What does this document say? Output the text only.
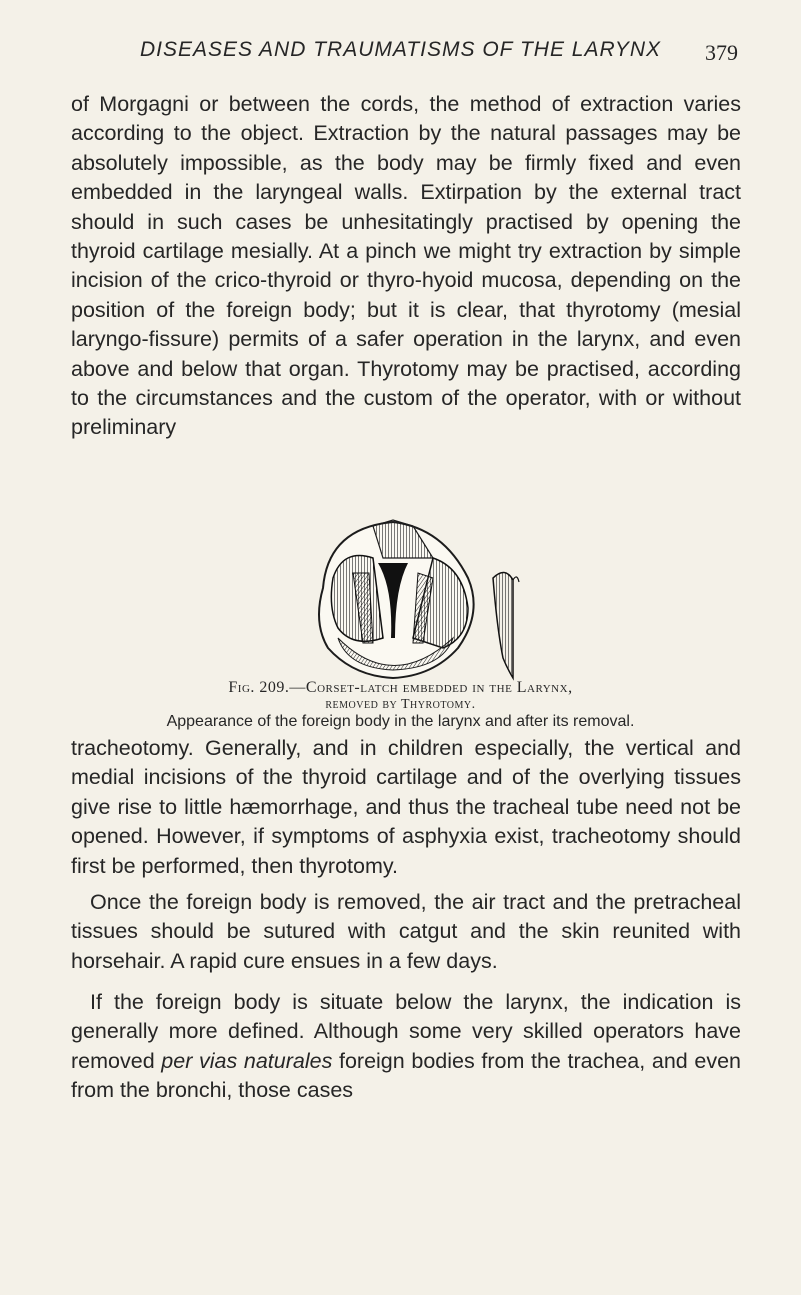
DISEASES AND TRAUMATISMS OF THE LARYNX 379

of Morgagni or between the cords, the method of extraction varies according to the object. Extraction by the natural passages may be absolutely impossible, as the body may be firmly fixed and even embedded in the laryngeal walls. Extirpation by the external tract should in such cases be unhesitatingly practised by opening the thyroid cartilage mesially. At a pinch we might try extraction by simple incision of the crico-thyroid or thyro-hyoid mucosa, depending on the position of the foreign body; but it is clear, that thyrotomy (mesial laryngo-fissure) permits of a safer operation in the larynx, and even above and below that organ. Thyrotomy may be practised, according to the circumstances and the custom of the operator, with or without preliminary

Fig. 209.—Corset-latch embedded in the Larynx,
removed by Thyrotomy.
Appearance of the foreign body in the larynx and after its removal.

tracheotomy. Generally, and in children especially, the vertical and medial incisions of the thyroid cartilage and of the overlying tissues give rise to little hæmorrhage, and thus the tracheal tube need not be opened. However, if symptoms of asphyxia exist, tracheotomy should first be performed, then thyrotomy.

Once the foreign body is removed, the air tract and the pretracheal tissues should be sutured with catgut and the skin reunited with horsehair. A rapid cure ensues in a few days.

If the foreign body is situate below the larynx, the indication is generally more defined. Although some very skilled operators have removed per vias naturales foreign bodies from the trachea, and even from the bronchi, those cases
